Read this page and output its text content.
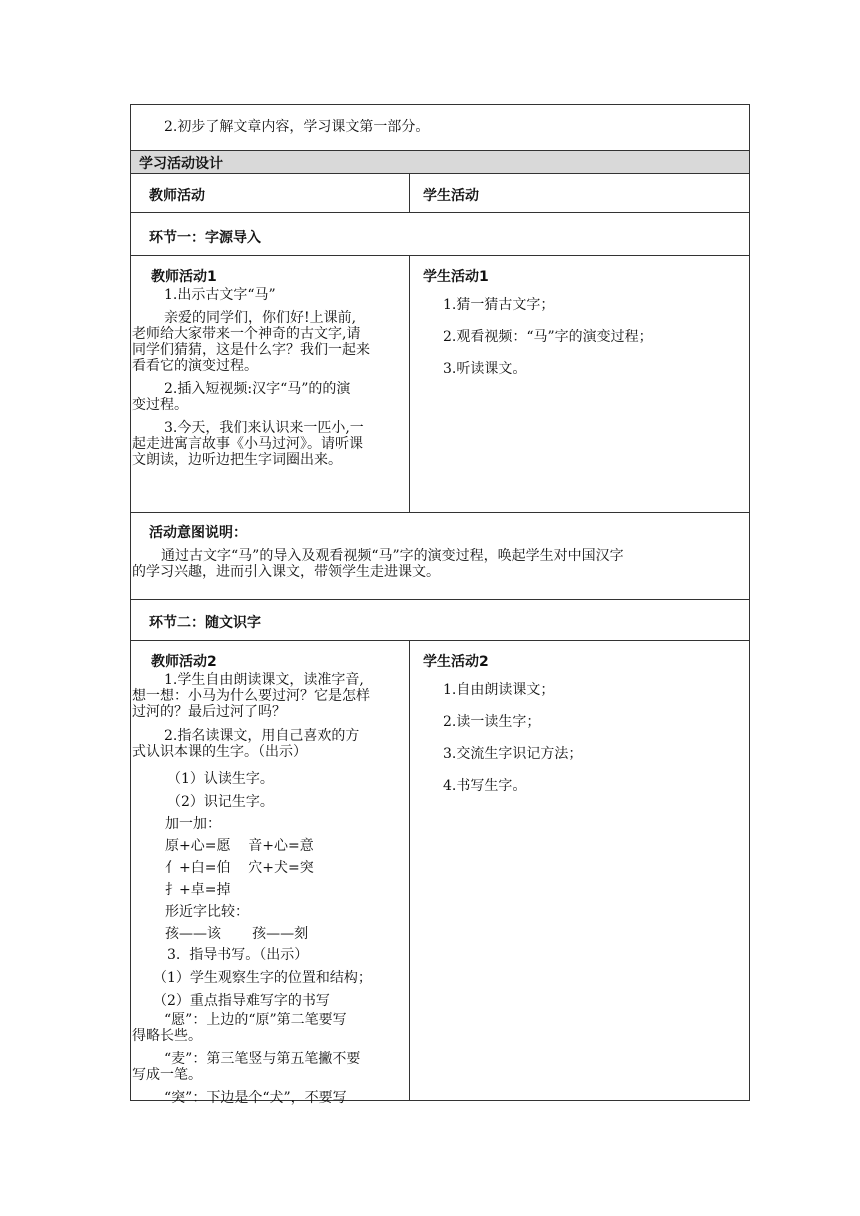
2.初步了解文章内容，学习课文第一部分。
学习活动设计
教师活动	学生活动
环节一：字源导入
教师活动1
1.出示古文字“马”
亲爱的同学们，你们好!上课前,
老师给大家带来一个神奇的古文字,请
同学们猜猜，这是什么字？我们一起来
看看它的演变过程。
2.插入短视频:汉字“马”的的演
变过程。
3.今天，我们来认识来一匹小,一
起走进寓言故事《小马过河》。请听课
文朗读，边听边把生字词圈出来。
学生活动1
1.猜一猜古文字；
2.观看视频：“马”字的演变过程；
3.听读课文。
活动意图说明：
通过古文字“马”的导入及观看视频“马”字的演变过程，唤起学生对中国汉字
的学习兴趣，进而引入课文，带领学生走进课文。
环节二：随文识字
教师活动2
1.学生自由朗读课文，读准字音,
想一想：小马为什么要过河？它是怎样
过河的？最后过河了吗？
2.指名读课文，用自己喜欢的方
式认识本课的生字。（出示）
（1）认读生字。
（2）识记生字。
加一加：
原+心=愿    音+心=意
亻+白=伯    穴+犬=突
扌+卓=掉
形近字比较：
孩——该       孩——刻
3.  指导书写。（出示）
（1）学生观察生字的位置和结构；
（2）重点指导难写字的书写
“愿”：上边的“原”第二笔要写
得略长些。
“麦”：第三笔竖与第五笔撇不要
写成一笔。
“突”：下边是个“犬”，不要写
学生活动2
1.自由朗读课文；
2.读一读生字；
3.交流生字识记方法；
4.书写生字。
